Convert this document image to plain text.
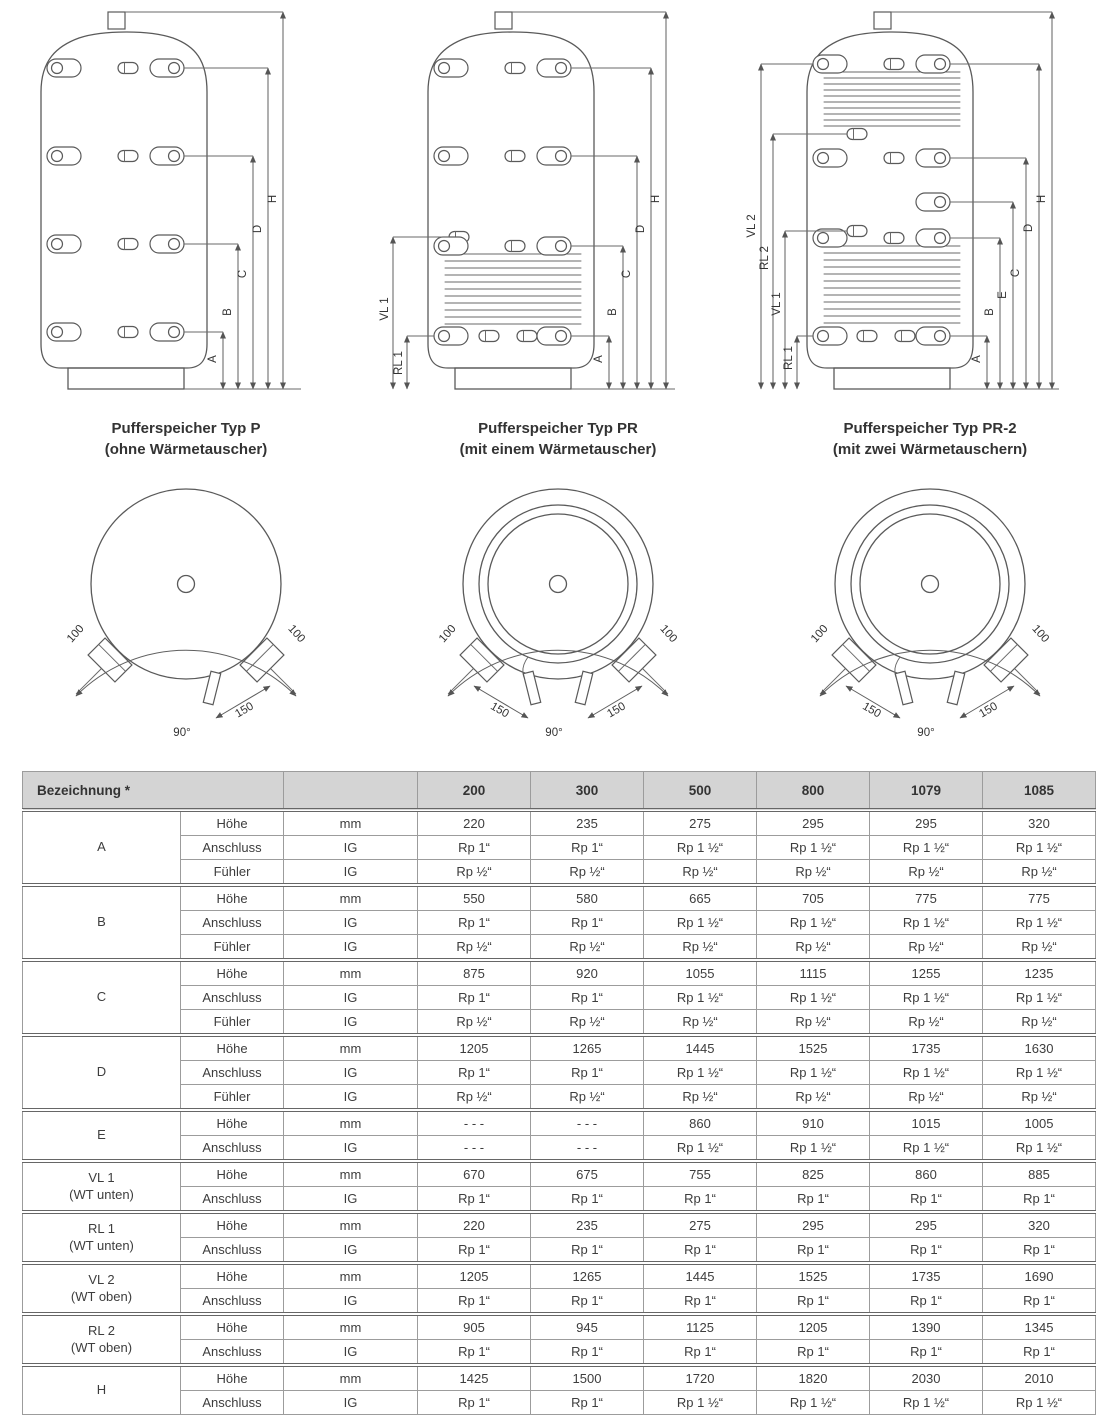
A
B
C
D
H
Pufferspeicher Typ P
(ohne Wärmetauscher)
VL 1
RL 1	A
B
C
D
H
Pufferspeicher Typ PR
(mit einem Wärmetauscher)
VL 2
RL 2
VL 1
RL 1	A
B
E
C
D
H
Pufferspeicher Typ PR-2
(mit zwei Wärmetauschern)
100	100
150
90°
100	100
150	150
90°
100	100
150	150
90°
Bezeichnung *			200	300	500	800	1079	1085

A	Höhe	mm	220	235	275	295	295	320
	Anschluss	IG	Rp 1“	Rp 1“	Rp 1 ½“	Rp 1 ½“	Rp 1 ½“	Rp 1 ½“
	Fühler	IG	Rp ½“	Rp ½“	Rp ½“	Rp ½“	Rp ½“	Rp ½“

B	Höhe	mm	550	580	665	705	775	775
	Anschluss	IG	Rp 1“	Rp 1“	Rp 1 ½“	Rp 1 ½“	Rp 1 ½“	Rp 1 ½“
	Fühler	IG	Rp ½“	Rp ½“	Rp ½“	Rp ½“	Rp ½“	Rp ½“

C	Höhe	mm	875	920	1055	1115	1255	1235
	Anschluss	IG	Rp 1“	Rp 1“	Rp 1 ½“	Rp 1 ½“	Rp 1 ½“	Rp 1 ½“
	Fühler	IG	Rp ½“	Rp ½“	Rp ½“	Rp ½“	Rp ½“	Rp ½“

D	Höhe	mm	1205	1265	1445	1525	1735	1630
	Anschluss	IG	Rp 1“	Rp 1“	Rp 1 ½“	Rp 1 ½“	Rp 1 ½“	Rp 1 ½“
	Fühler	IG	Rp ½“	Rp ½“	Rp ½“	Rp ½“	Rp ½“	Rp ½“

E	Höhe	mm	- - -	- - -	860	910	1015	1005
	Anschluss	IG	- - -	- - -	Rp 1 ½“	Rp 1 ½“	Rp 1 ½“	Rp 1 ½“

VL 1
(WT unten)	Höhe	mm	670	675	755	825	860	885
	Anschluss	IG	Rp 1“	Rp 1“	Rp 1“	Rp 1“	Rp 1“	Rp 1“

RL 1
(WT unten)	Höhe	mm	220	235	275	295	295	320
	Anschluss	IG	Rp 1“	Rp 1“	Rp 1“	Rp 1“	Rp 1“	Rp 1“

VL 2
(WT oben)	Höhe	mm	1205	1265	1445	1525	1735	1690
	Anschluss	IG	Rp 1“	Rp 1“	Rp 1“	Rp 1“	Rp 1“	Rp 1“

RL 2
(WT oben)	Höhe	mm	905	945	1125	1205	1390	1345
	Anschluss	IG	Rp 1“	Rp 1“	Rp 1“	Rp 1“	Rp 1“	Rp 1“

H	Höhe	mm	1425	1500	1720	1820	2030	2010
	Anschluss	IG	Rp 1“	Rp 1“	Rp 1 ½“	Rp 1 ½“	Rp 1 ½“	Rp 1 ½“
